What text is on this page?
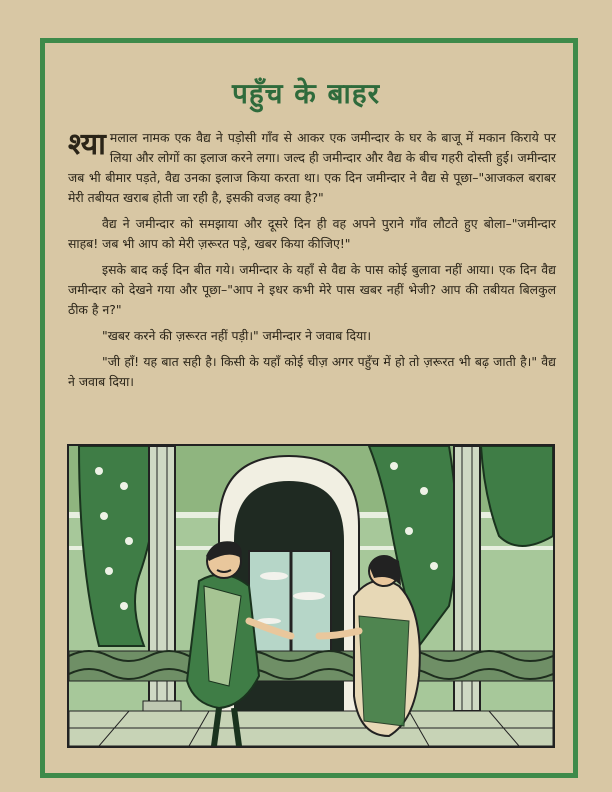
पहुँच के बाहर

श्या मलाल नामक एक वैद्य ने पड़ोसी गाँव से आकर एक जमीन्दार के घर के बाजू में मकान किराये पर लिया और लोगों का इलाज करने लगा। जल्द ही जमीन्दार और वैद्य के बीच गहरी दोस्ती हुई। जमीन्दार जब भी बीमार पड़ते, वैद्य उनका इलाज किया करता था। एक दिन जमीन्दार ने वैद्य से पूछा–"आजकल बराबर मेरी तबीयत खराब होती जा रही है, इसकी वजह क्या है?"

वैद्य ने जमीन्दार को समझाया और दूसरे दिन ही वह अपने पुराने गाँव लौटते हुए बोला–"जमीन्दार साहब! जब भी आप को मेरी ज़रूरत पड़े, खबर किया कीजिए!"

इसके बाद कई दिन बीत गये। जमीन्दार के यहाँ से वैद्य के पास कोई बुलावा नहीं आया। एक दिन वैद्य जमीन्दार को देखने गया और पूछा–"आप ने इधर कभी मेरे पास खबर नहीं भेजी? आप की तबीयत बिलकुल ठीक है न?"

"खबर करने की ज़रूरत नहीं पड़ी।" जमीन्दार ने जवाब दिया।

"जी हाँ! यह बात सही है। किसी के यहाँ कोई चीज़ अगर पहुँच में हो तो ज़रूरत भी बढ़ जाती है।" वैद्य ने जवाब दिया।
